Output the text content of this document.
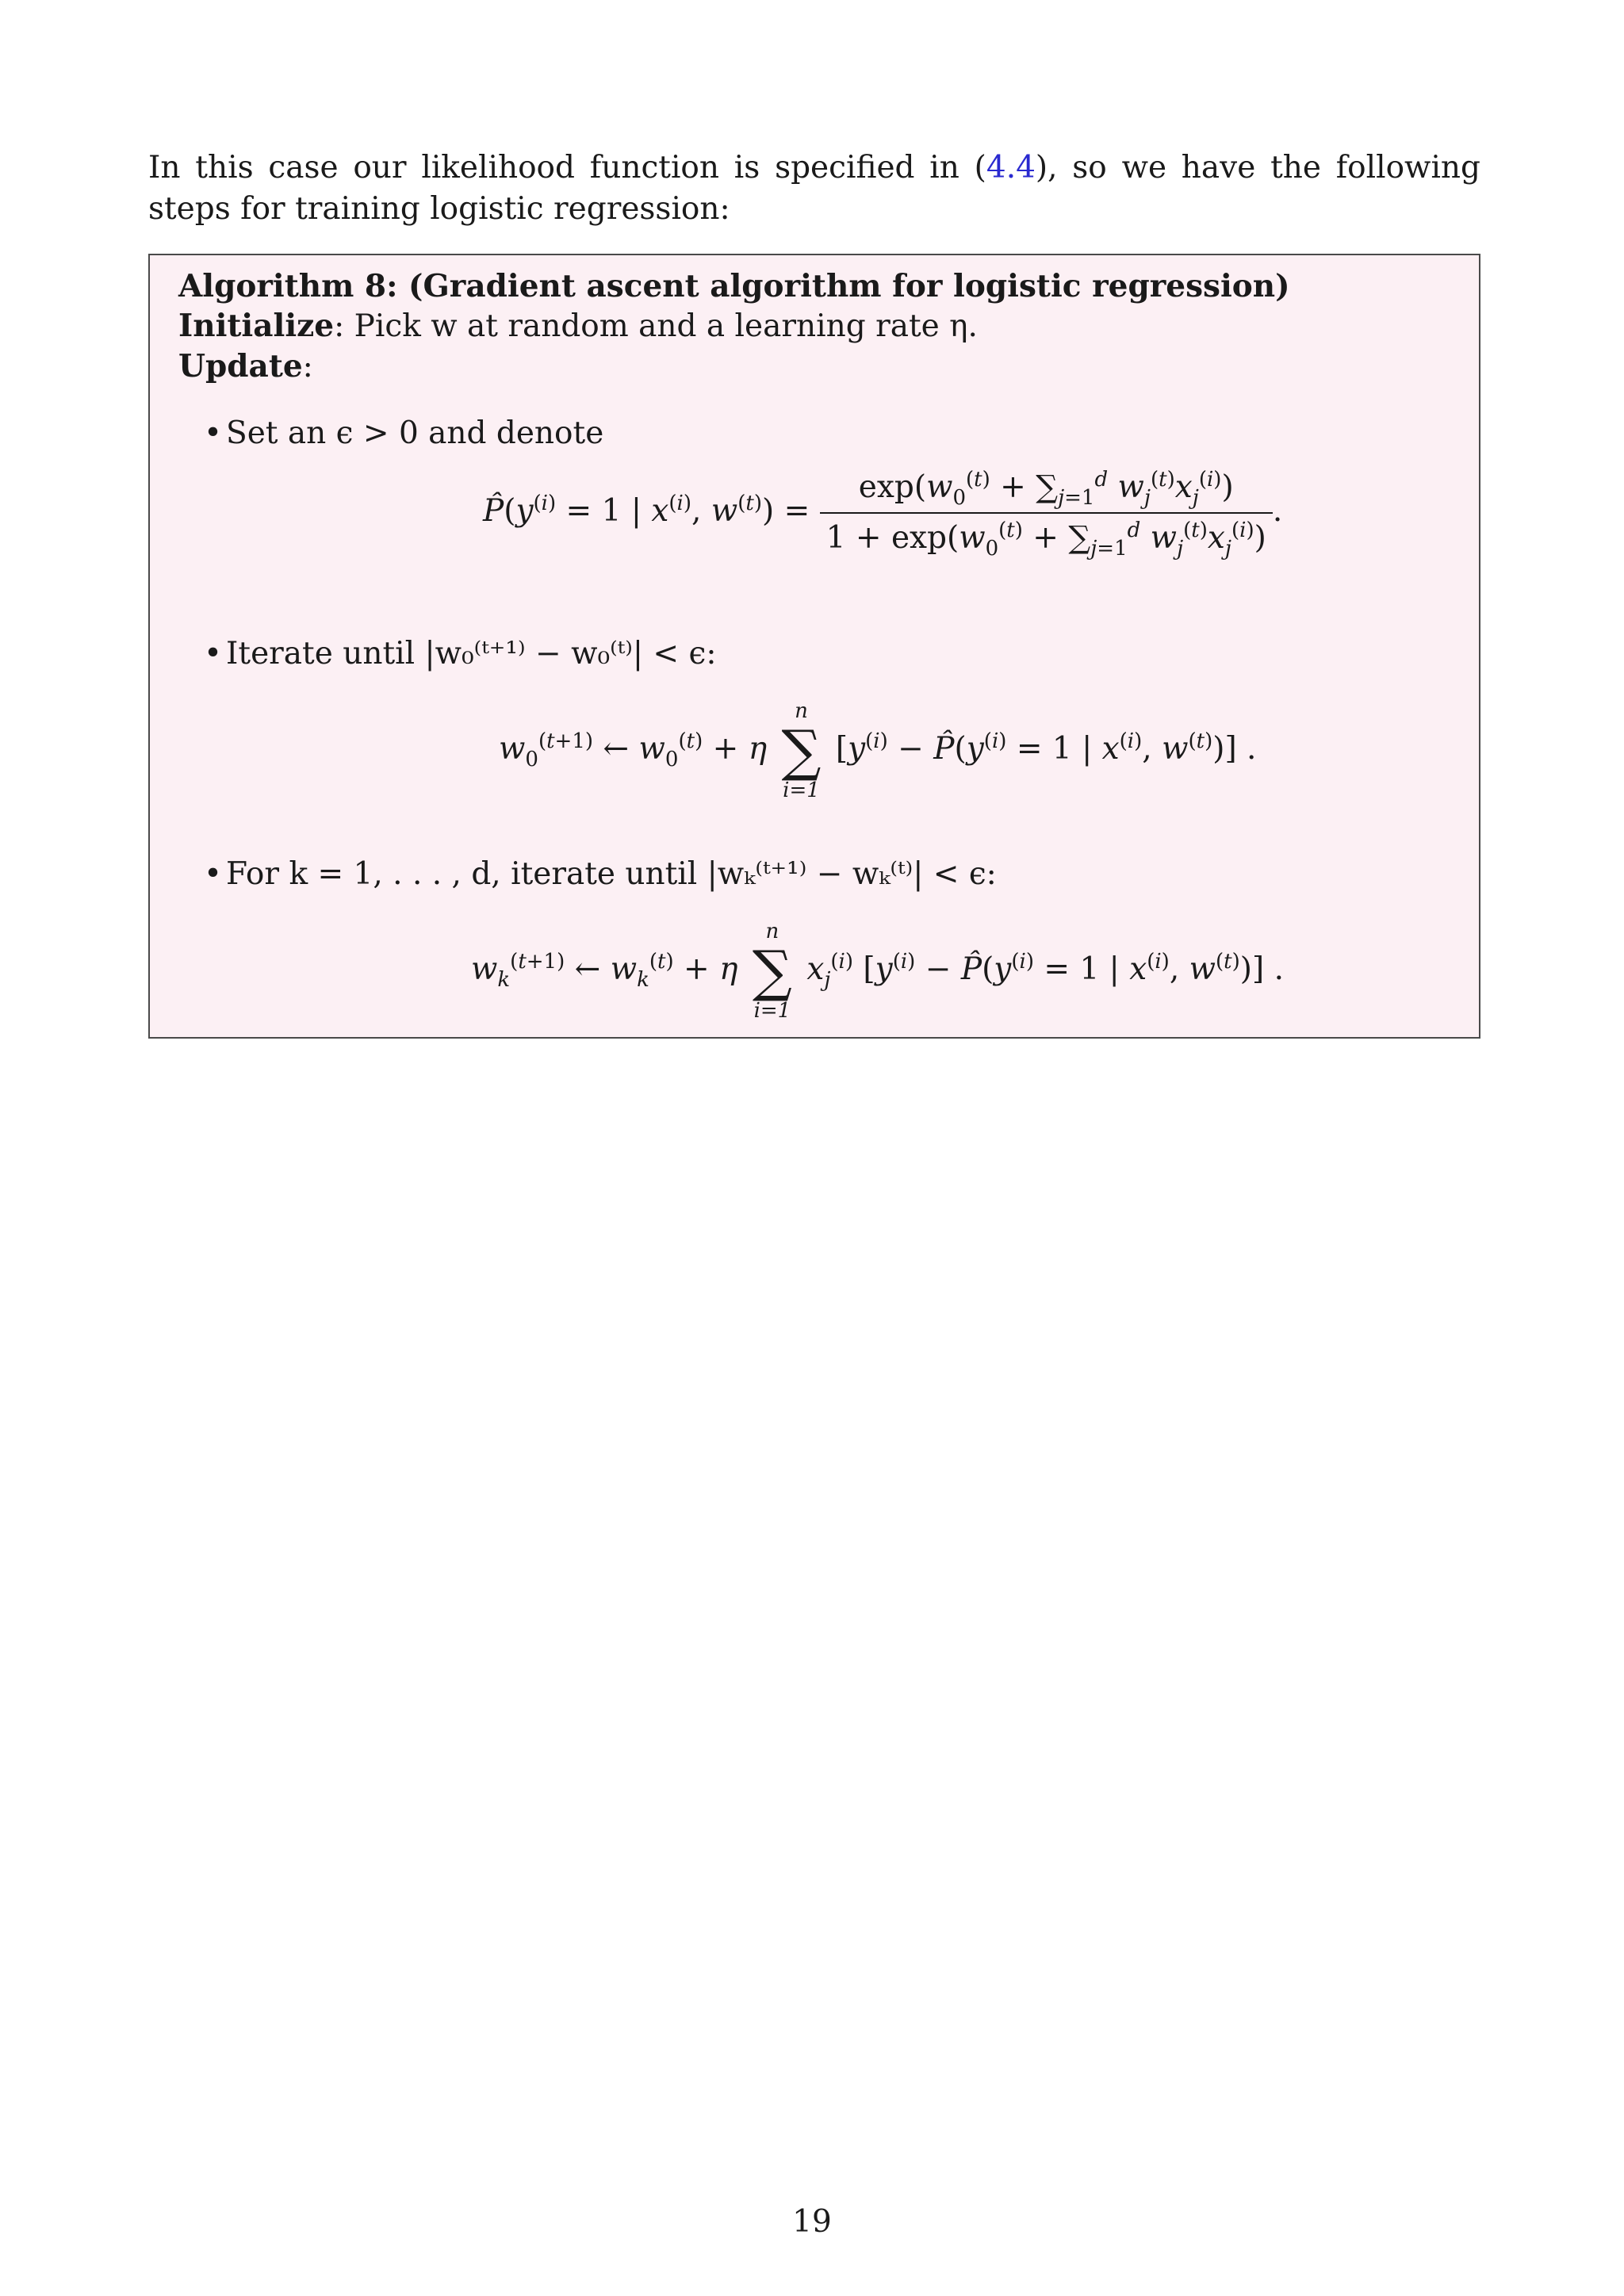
In this case our likelihood function is specified in (4.4), so we have the following steps for training logistic regression:
Algorithm 8: (Gradient ascent algorithm for logistic regression)
Initialize: Pick w at random and a learning rate η.
Update:
• Set an ϵ > 0 and denote
$P̂(y^{(i)} = 1$ | $x^{(i)}$, $w^{(t)}) = \frac{\exp(w_0^{(t)} + \sum_{j=1}^d w_j^{(t)}x_j^{(i)})}{1 + \exp(w_0^{(t)} + \sum_{j=1}^d w_j^{(t)}x_j^{(i)})}$ .
• Iterate until |w₀⁽ᵗ⁺¹⁾ − w₀⁽ᵗ⁾| < ϵ:
$w_0^{(t+1)}$ ← $w_0^{(t)} + \eta$
n
∑
i=1
[$y^{(i)}$ − $P̂(y^{(i)} = 1$ | $x^{(i)}$, $w^{(t)}$)] .
• For k = 1, . . . , d, iterate until |wₖ⁽ᵗ⁺¹⁾ − wₖ⁽ᵗ⁾| < ϵ:
$w_k^{(t+1)}$ ← $w_k^{(t)} + \eta$
n
∑
i=1
$x_j^{(i)}$ [$y^{(i)}$ − $P̂(y^{(i)} = 1$ | $x^{(i)}$, $w^{(t)}$)] .
19
